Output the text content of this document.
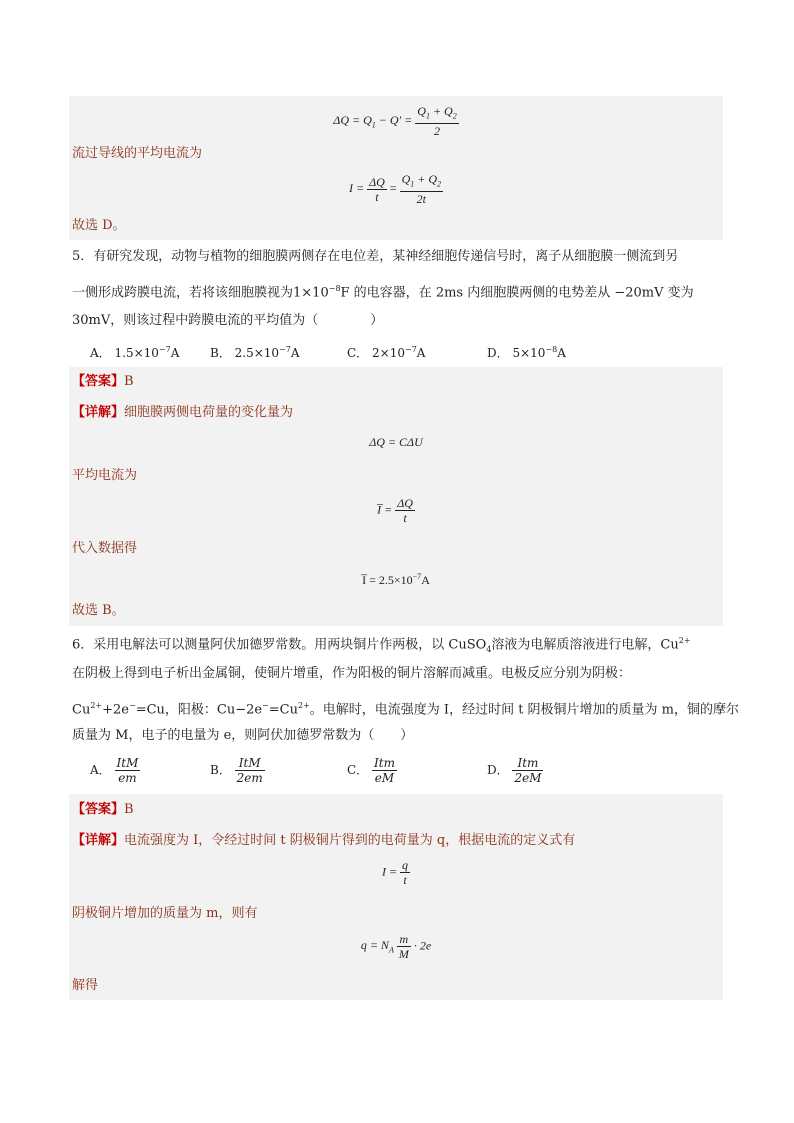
$\Delta Q = Q_1 - Q' = \frac{Q_1 + Q_2}{2}$
流过导线的平均电流为
$I = \frac{\Delta Q}{t} = \frac{Q_1 + Q_2}{2t}$
故选 D。
5．有研究发现，动物与植物的细胞膜两侧存在电位差，某神经细胞传递信号时，离子从细胞膜一侧流到另
一侧形成跨膜电流，若将该细胞膜视为$1\times 10^{-8}F$ 的电容器，在 2ms 内细胞膜两侧的电势差从 −20mV 变为
30mV，则该过程中跨膜电流的平均值为（　　　　）
A． $1.5\times 10^{-7}A$	B． $2.5\times 10^{-7}A$	C． $2\times 10^{-7}A$	D． $5\times 10^{-8}A$
【答案】B
【详解】细胞膜两侧电荷量的变化量为
ΔQ = CΔU
平均电流为
I̅ = $\frac{\Delta Q}{t}$
代入数据得
I̅ = $2.5\times 10^{-7}A$
故选 B。
6．采用电解法可以测量阿伏加德罗常数。用两块铜片作两极，以 CuSO$_4$溶液为电解质溶液进行电解，$Cu^{2+}$
在阴极上得到电子析出金属铜，使铜片增重，作为阳极的铜片溶解而减重。电极反应分别为阴极：
$Cu^{2+}+2e^-=Cu$，阳极：$Cu-2e^-=Cu^{2+}$。电解时，电流强度为 I，经过时间 t 阴极铜片增加的质量为 m，铜的摩尔
质量为 M，电子的电量为 e，则阿伏加德罗常数为（　　）
A． $\frac{\text{ItM}}{em}$	B． $\frac{\text{ItM}}{2em}$	C． $\frac{\text{Itm}}{eM}$	D． $\frac{\text{Itm}}{2eM}$
【答案】B
【详解】电流强度为 I，令经过时间 t 阴极铜片得到的电荷量为 q，根据电流的定义式有
$I = \frac{q}{t}$
阴极铜片增加的质量为 m，则有
$q = N_A \frac{m}{M} \cdot 2e$
解得
